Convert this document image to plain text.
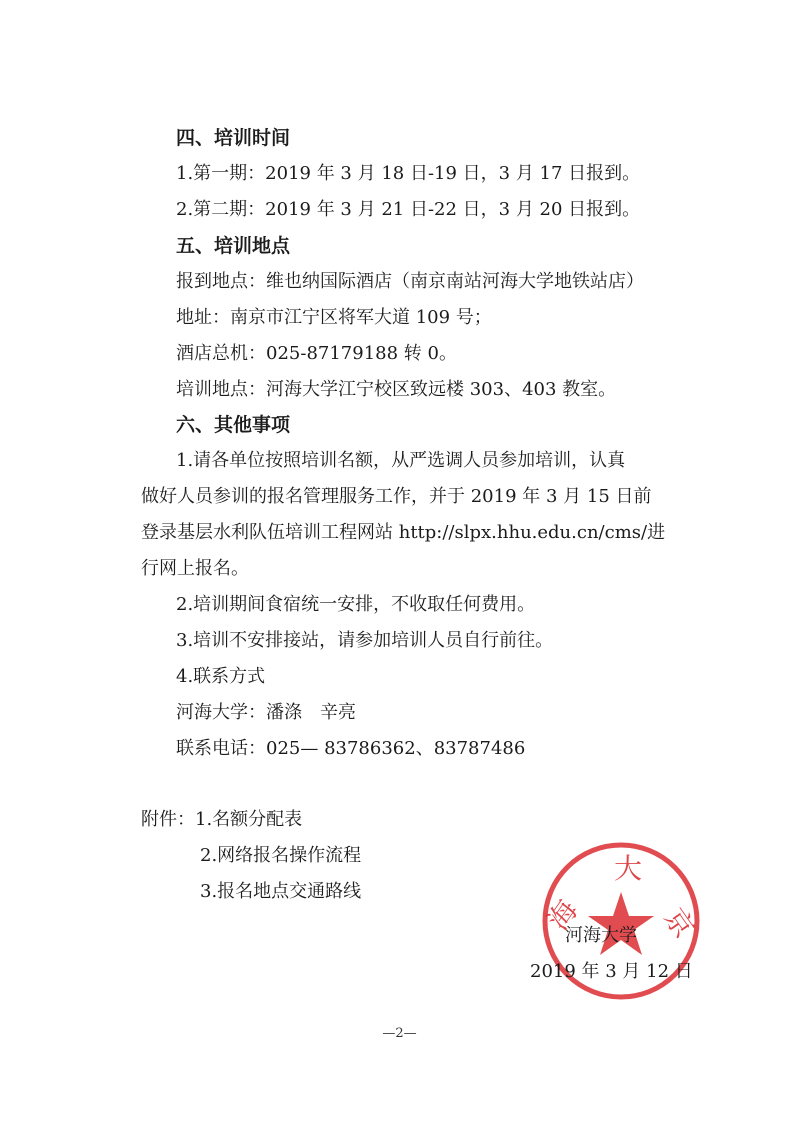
四、培训时间
1.第一期：2019 年 3 月 18 日-19 日，3 月 17 日报到。
2.第二期：2019 年 3 月 21 日-22 日，3 月 20 日报到。
五、培训地点
报到地点：维也纳国际酒店（南京南站河海大学地铁站店）
地址：南京市江宁区将军大道 109 号；
酒店总机：025-87179188 转 0。
培训地点：河海大学江宁校区致远楼 303、403 教室。
六、其他事项
1.请各单位按照培训名额，从严选调人员参加培训，认真
做好人员参训的报名管理服务工作，并于 2019 年 3 月 15 日前
登录基层水利队伍培训工程网站 http://slpx.hhu.edu.cn/cms/进
行网上报名。
2.培训期间食宿统一安排，不收取任何费用。
3.培训不安排接站，请参加培训人员自行前往。
4.联系方式
河海大学：潘涤　辛亮
联系电话：025— 83786362、83787486
附件：1.名额分配表
2.网络报名操作流程
3.报名地点交通路线
大
海	京
河海大学
2019 年 3 月 12 日
—2—
